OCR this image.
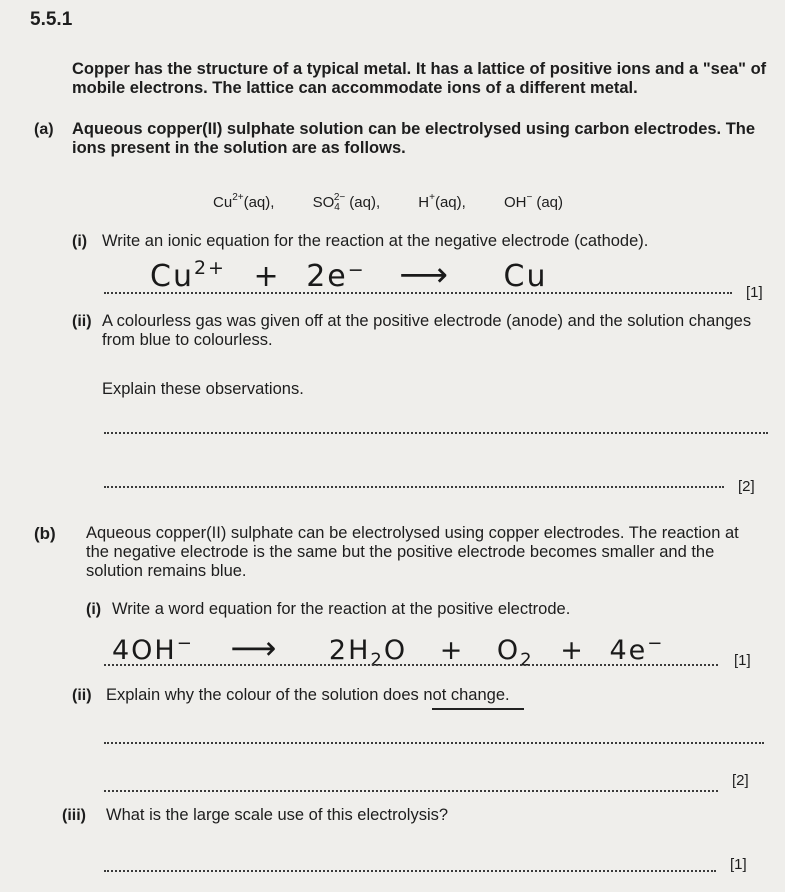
5.5.1
Copper has the structure of a typical metal. It has a lattice of positive ions and a "sea" of mobile electrons. The lattice can accommodate ions of a different metal.
(a) Aqueous copper(II) sulphate solution can be electrolysed using carbon electrodes. The ions present in the solution are as follows.
$Cu^{2+}(aq)$,	$SO_4^{2-}$ (aq),	H+(aq),	OH− (aq)
(i) Write an ionic equation for the reaction at the negative electrode (cathode).
$Cu^{2+} + 2e^-$ ⟶ Cu	[1]
(ii) A colourless gas was given off at the positive electrode (anode) and the solution changes from blue to colourless.
Explain these observations.
[2]
(b) Aqueous copper(II) sulphate can be electrolysed using copper electrodes. The reaction at the negative electrode is the same but the positive electrode becomes smaller and the solution remains blue.
(i) Write a word equation for the reaction at the positive electrode.
4OH− ⟶ $2H_2O + O_2 + 4e^-$
[1]
(ii) Explain why the colour of the solution does not change.
[2]
(iii) What is the large scale use of this electrolysis?
[1]
